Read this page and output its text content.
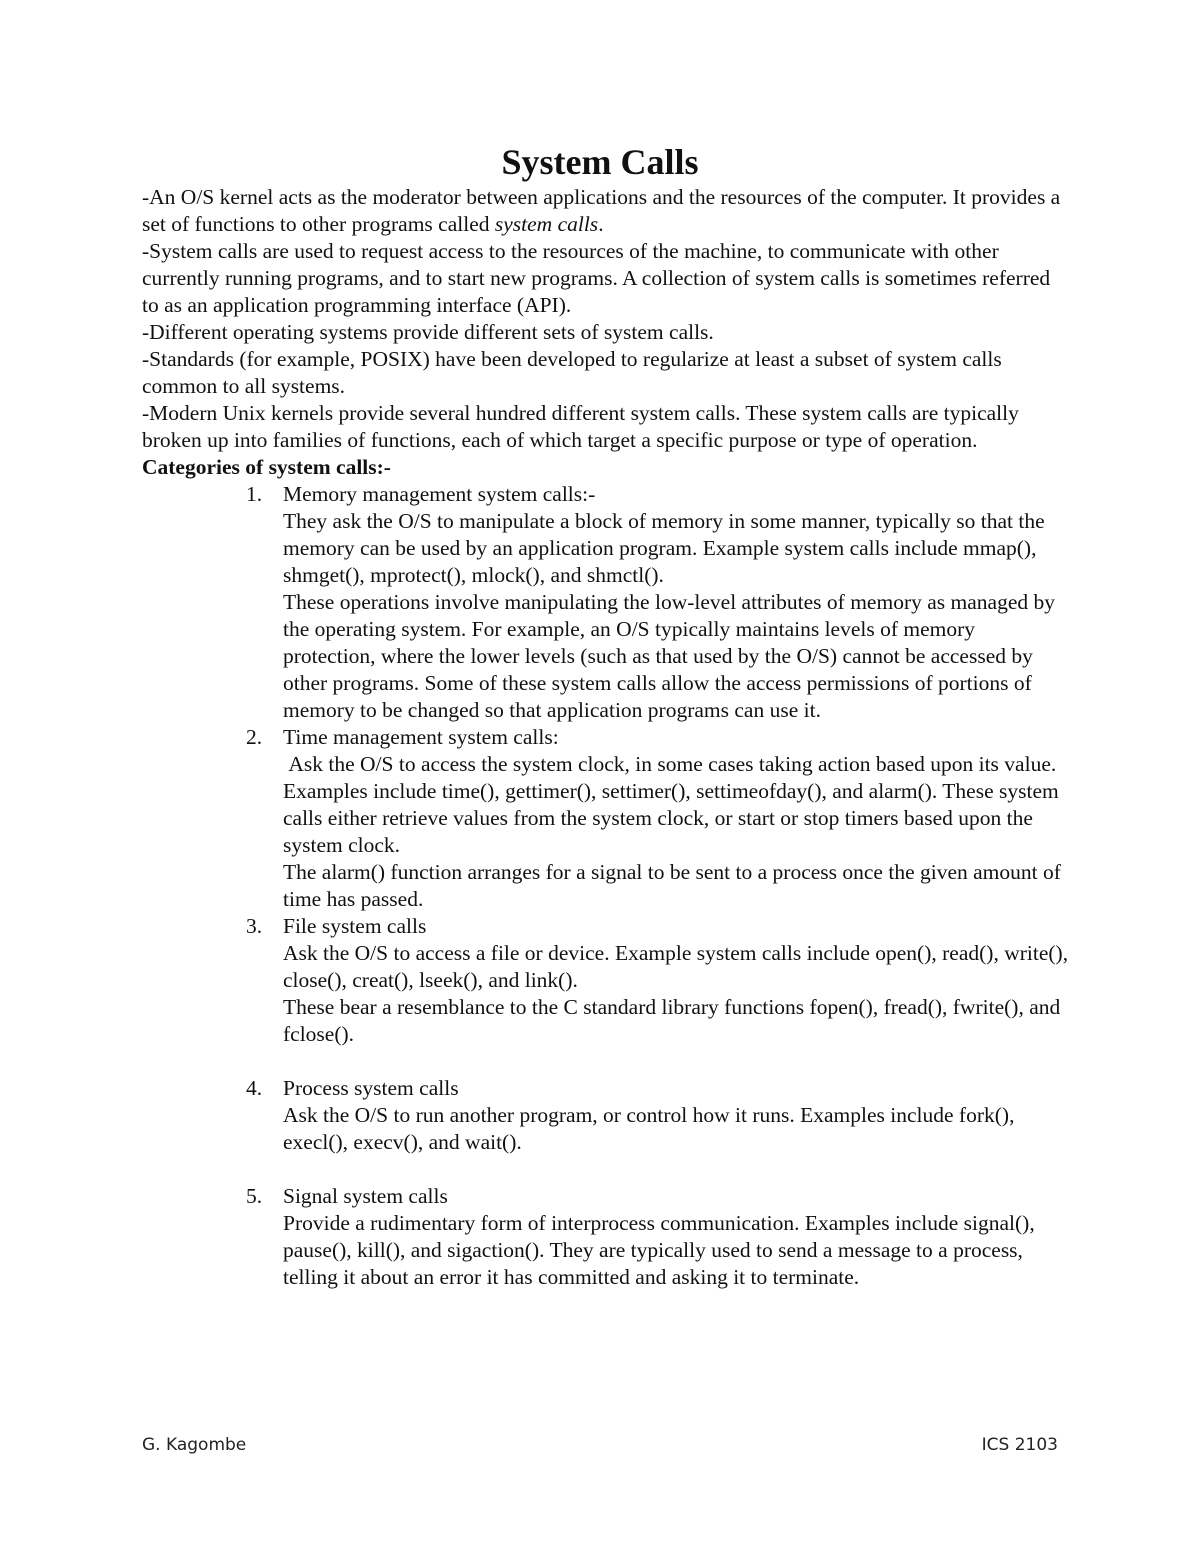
System Calls

-An O/S kernel acts as the moderator between applications and the resources of the computer. It provides a set of functions to other programs called system calls.

-System calls are used to request access to the resources of the machine, to communicate with other currently running programs, and to start new programs. A collection of system calls is sometimes referred to as an application programming interface (API).

-Different operating systems provide different sets of system calls.

-Standards (for example, POSIX) have been developed to regularize at least a subset of system calls common to all systems.

-Modern Unix kernels provide several hundred different system calls. These system calls are typically broken up into families of functions, each of which target a specific purpose or type of operation.

Categories of system calls:-

1. Memory management system calls:-
They ask the O/S to manipulate a block of memory in some manner, typically so that the memory can be used by an application program. Example system calls include mmap(), shmget(), mprotect(), mlock(), and shmctl().
These operations involve manipulating the low-level attributes of memory as managed by the operating system. For example, an O/S typically maintains levels of memory protection, where the lower levels (such as that used by the O/S) cannot be accessed by other programs. Some of these system calls allow the access permissions of portions of memory to be changed so that application programs can use it.
2. Time management system calls:
Ask the O/S to access the system clock, in some cases taking action based upon its value.
Examples include time(), gettimer(), settimer(), settimeofday(), and alarm(). These system calls either retrieve values from the system clock, or start or stop timers based upon the system clock.
The alarm() function arranges for a signal to be sent to a process once the given amount of time has passed.
3. File system calls
Ask the O/S to access a file or device. Example system calls include open(), read(), write(), close(), creat(), lseek(), and link().
These bear a resemblance to the C standard library functions fopen(), fread(), fwrite(), and fclose().
4. Process system calls
Ask the O/S to run another program, or control how it runs. Examples include fork(), execl(), execv(), and wait().
5. Signal system calls
Provide a rudimentary form of interprocess communication. Examples include signal(), pause(), kill(), and sigaction(). They are typically used to send a message to a process, telling it about an error it has committed and asking it to terminate.
G. Kagombe	ICS 2103
